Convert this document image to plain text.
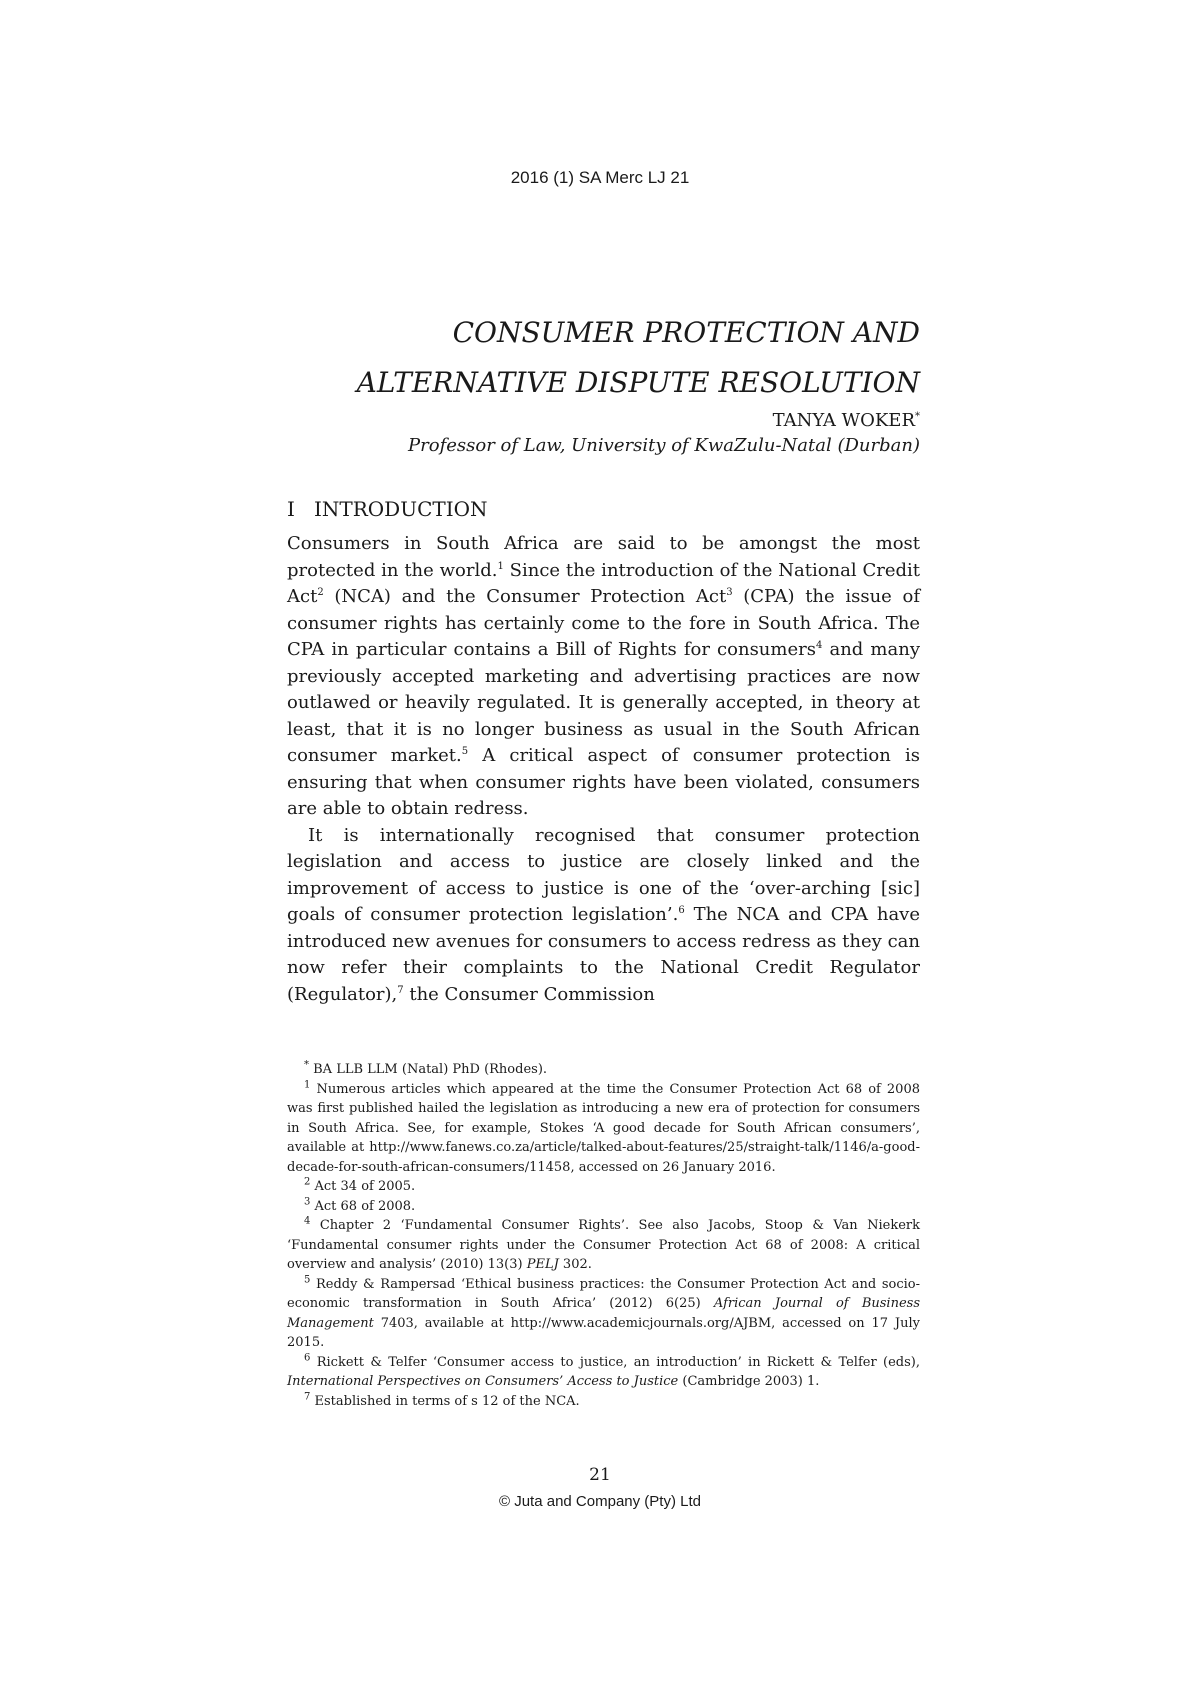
2016 (1) SA Merc LJ 21
CONSUMER PROTECTION AND
ALTERNATIVE DISPUTE RESOLUTION
TANYA WOKER*
Professor of Law, University of KwaZulu-Natal (Durban)
I INTRODUCTION

Consumers in South Africa are said to be amongst the most protected in the world.$^1$ Since the introduction of the National Credit Act$^2$ (NCA) and the Consumer Protection Act$^3$ (CPA) the issue of consumer rights has certainly come to the fore in South Africa. The CPA in particular contains a Bill of Rights for consumers$^4$ and many previously accepted marketing and advertising practices are now outlawed or heavily regulated. It is generally accepted, in theory at least, that it is no longer business as usual in the South African consumer market.$^5$ A critical aspect of consumer protection is ensuring that when consumer rights have been violated, consumers are able to obtain redress.

It is internationally recognised that consumer protection legislation and access to justice are closely linked and the improvement of access to justice is one of the ‘over-arching [sic] goals of consumer protection legislation’.$^6$ The NCA and CPA have introduced new avenues for consumers to access redress as they can now refer their complaints to the National Credit Regulator (Regulator),$^7$ the Consumer Commission

* BA LLB LLM (Natal) PhD (Rhodes).

$^1$ Numerous articles which appeared at the time the Consumer Protection Act 68 of 2008 was first published hailed the legislation as introducing a new era of protection for consumers in South Africa. See, for example, Stokes ‘A good decade for South African consumers’, available at http://www.fanews.co.za/article/talked-about-features/25/straight-talk/1146/a-good-decade-for-south-african-consumers/11458, accessed on 26 January 2016.

$^2$ Act 34 of 2005.

$^3$ Act 68 of 2008.

$^4$ Chapter 2 ‘Fundamental Consumer Rights’. See also Jacobs, Stoop & Van Niekerk ‘Fundamental consumer rights under the Consumer Protection Act 68 of 2008: A critical overview and analysis’ (2010) 13(3) PELJ 302.

$^5$ Reddy & Rampersad ‘Ethical business practices: the Consumer Protection Act and socio-economic transformation in South Africa’ (2012) 6(25) African Journal of Business Management 7403, available at http://www.academicjournals.org/AJBM, accessed on 17 July 2015.

$^6$ Rickett & Telfer ‘Consumer access to justice, an introduction’ in Rickett & Telfer (eds), International Perspectives on Consumers’ Access to Justice (Cambridge 2003) 1.

$^7$ Established in terms of s 12 of the NCA.

21
© Juta and Company (Pty) Ltd
